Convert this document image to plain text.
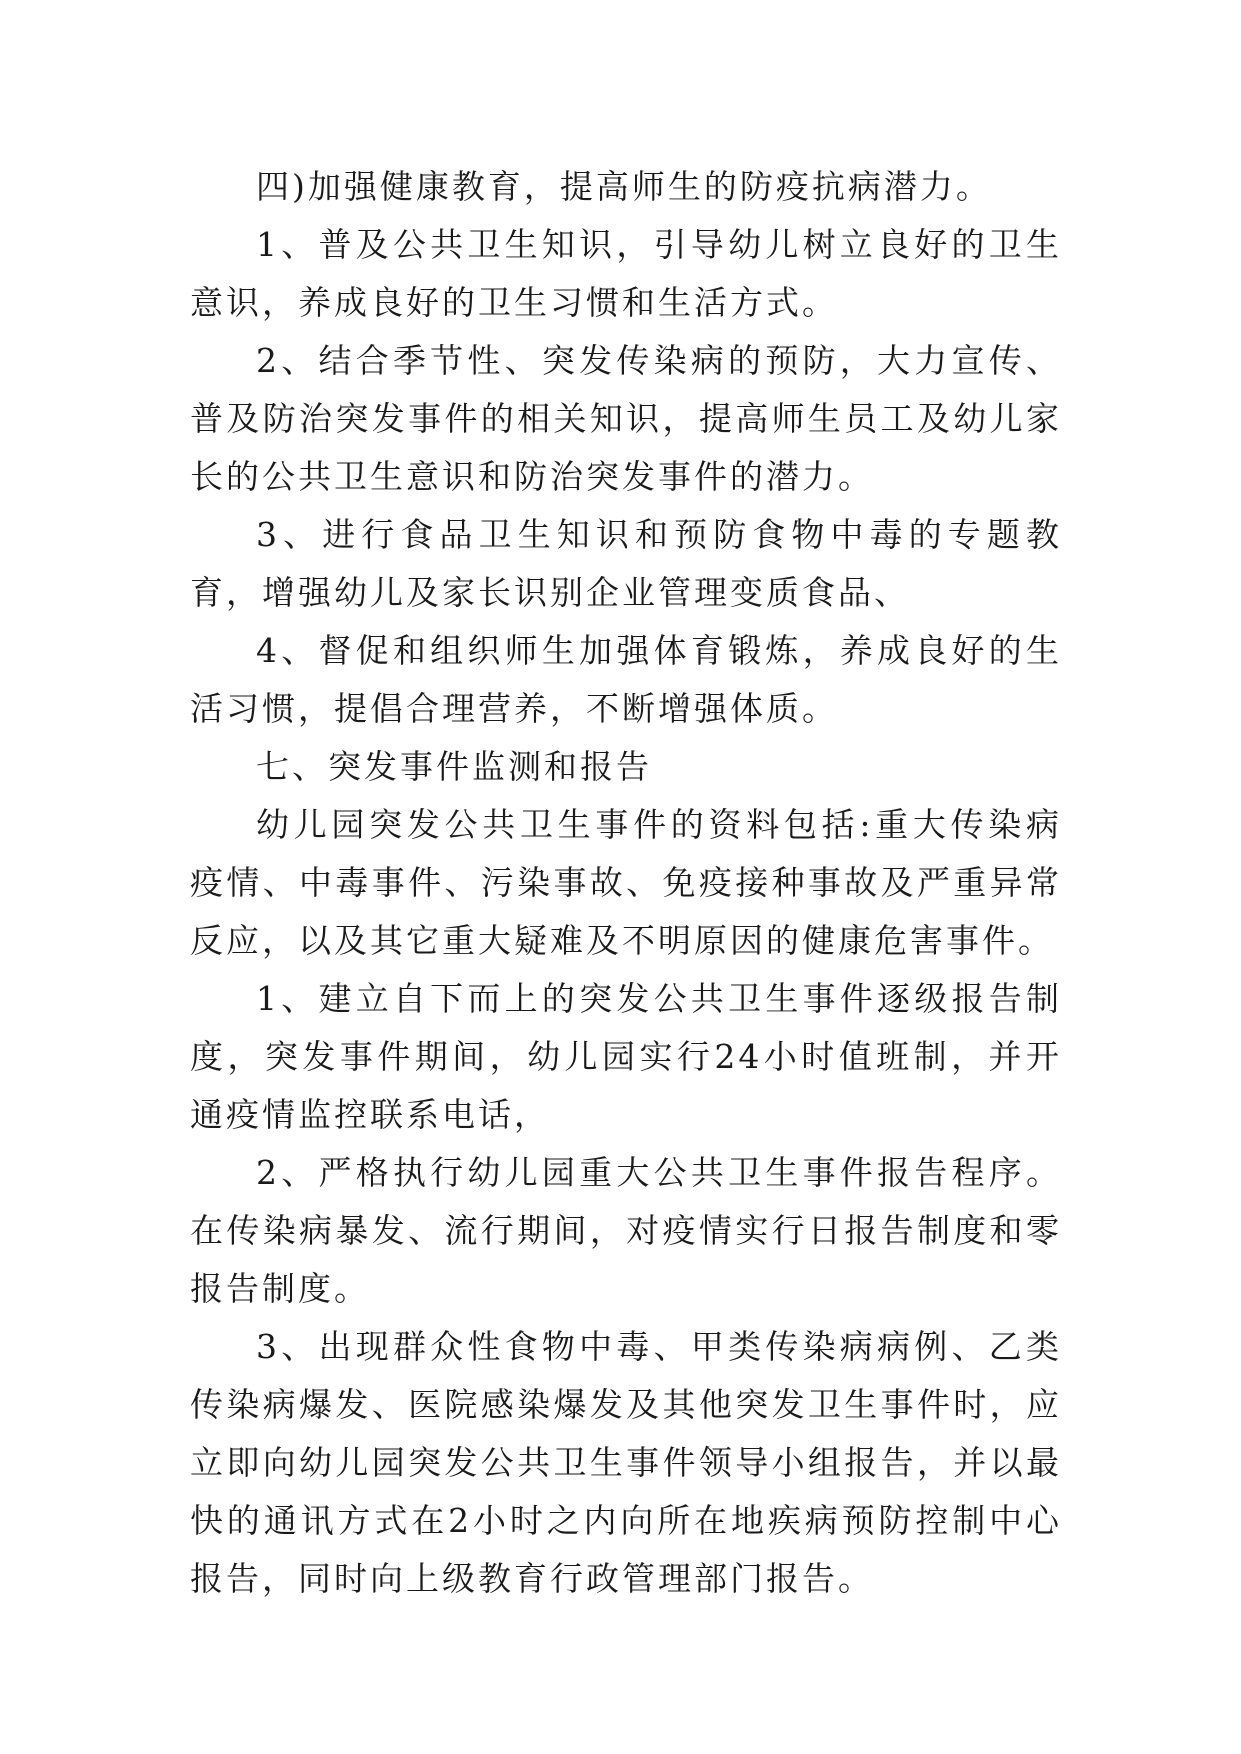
四)加强健康教育，提高师生的防疫抗病潜力。

1、普及公共卫生知识，引导幼儿树立良好的卫生意识，养成良好的卫生习惯和生活方式。

2、结合季节性、突发传染病的预防，大力宣传、普及防治突发事件的相关知识，提高师生员工及幼儿家长的公共卫生意识和防治突发事件的潜力。

3、进行食品卫生知识和预防食物中毒的专题教育，增强幼儿及家长识别企业管理变质食品、

4、督促和组织师生加强体育锻炼，养成良好的生活习惯，提倡合理营养，不断增强体质。

七、突发事件监测和报告

幼儿园突发公共卫生事件的资料包括:重大传染病疫情、中毒事件、污染事故、免疫接种事故及严重异常反应，以及其它重大疑难及不明原因的健康危害事件。

1、建立自下而上的突发公共卫生事件逐级报告制度，突发事件期间，幼儿园实行24小时值班制，并开通疫情监控联系电话，

2、严格执行幼儿园重大公共卫生事件报告程序。在传染病暴发、流行期间，对疫情实行日报告制度和零报告制度。

3、出现群众性食物中毒、甲类传染病病例、乙类传染病爆发、医院感染爆发及其他突发卫生事件时，应立即向幼儿园突发公共卫生事件领导小组报告，并以最快的通讯方式在2小时之内向所在地疾病预防控制中心报告，同时向上级教育行政管理部门报告。
